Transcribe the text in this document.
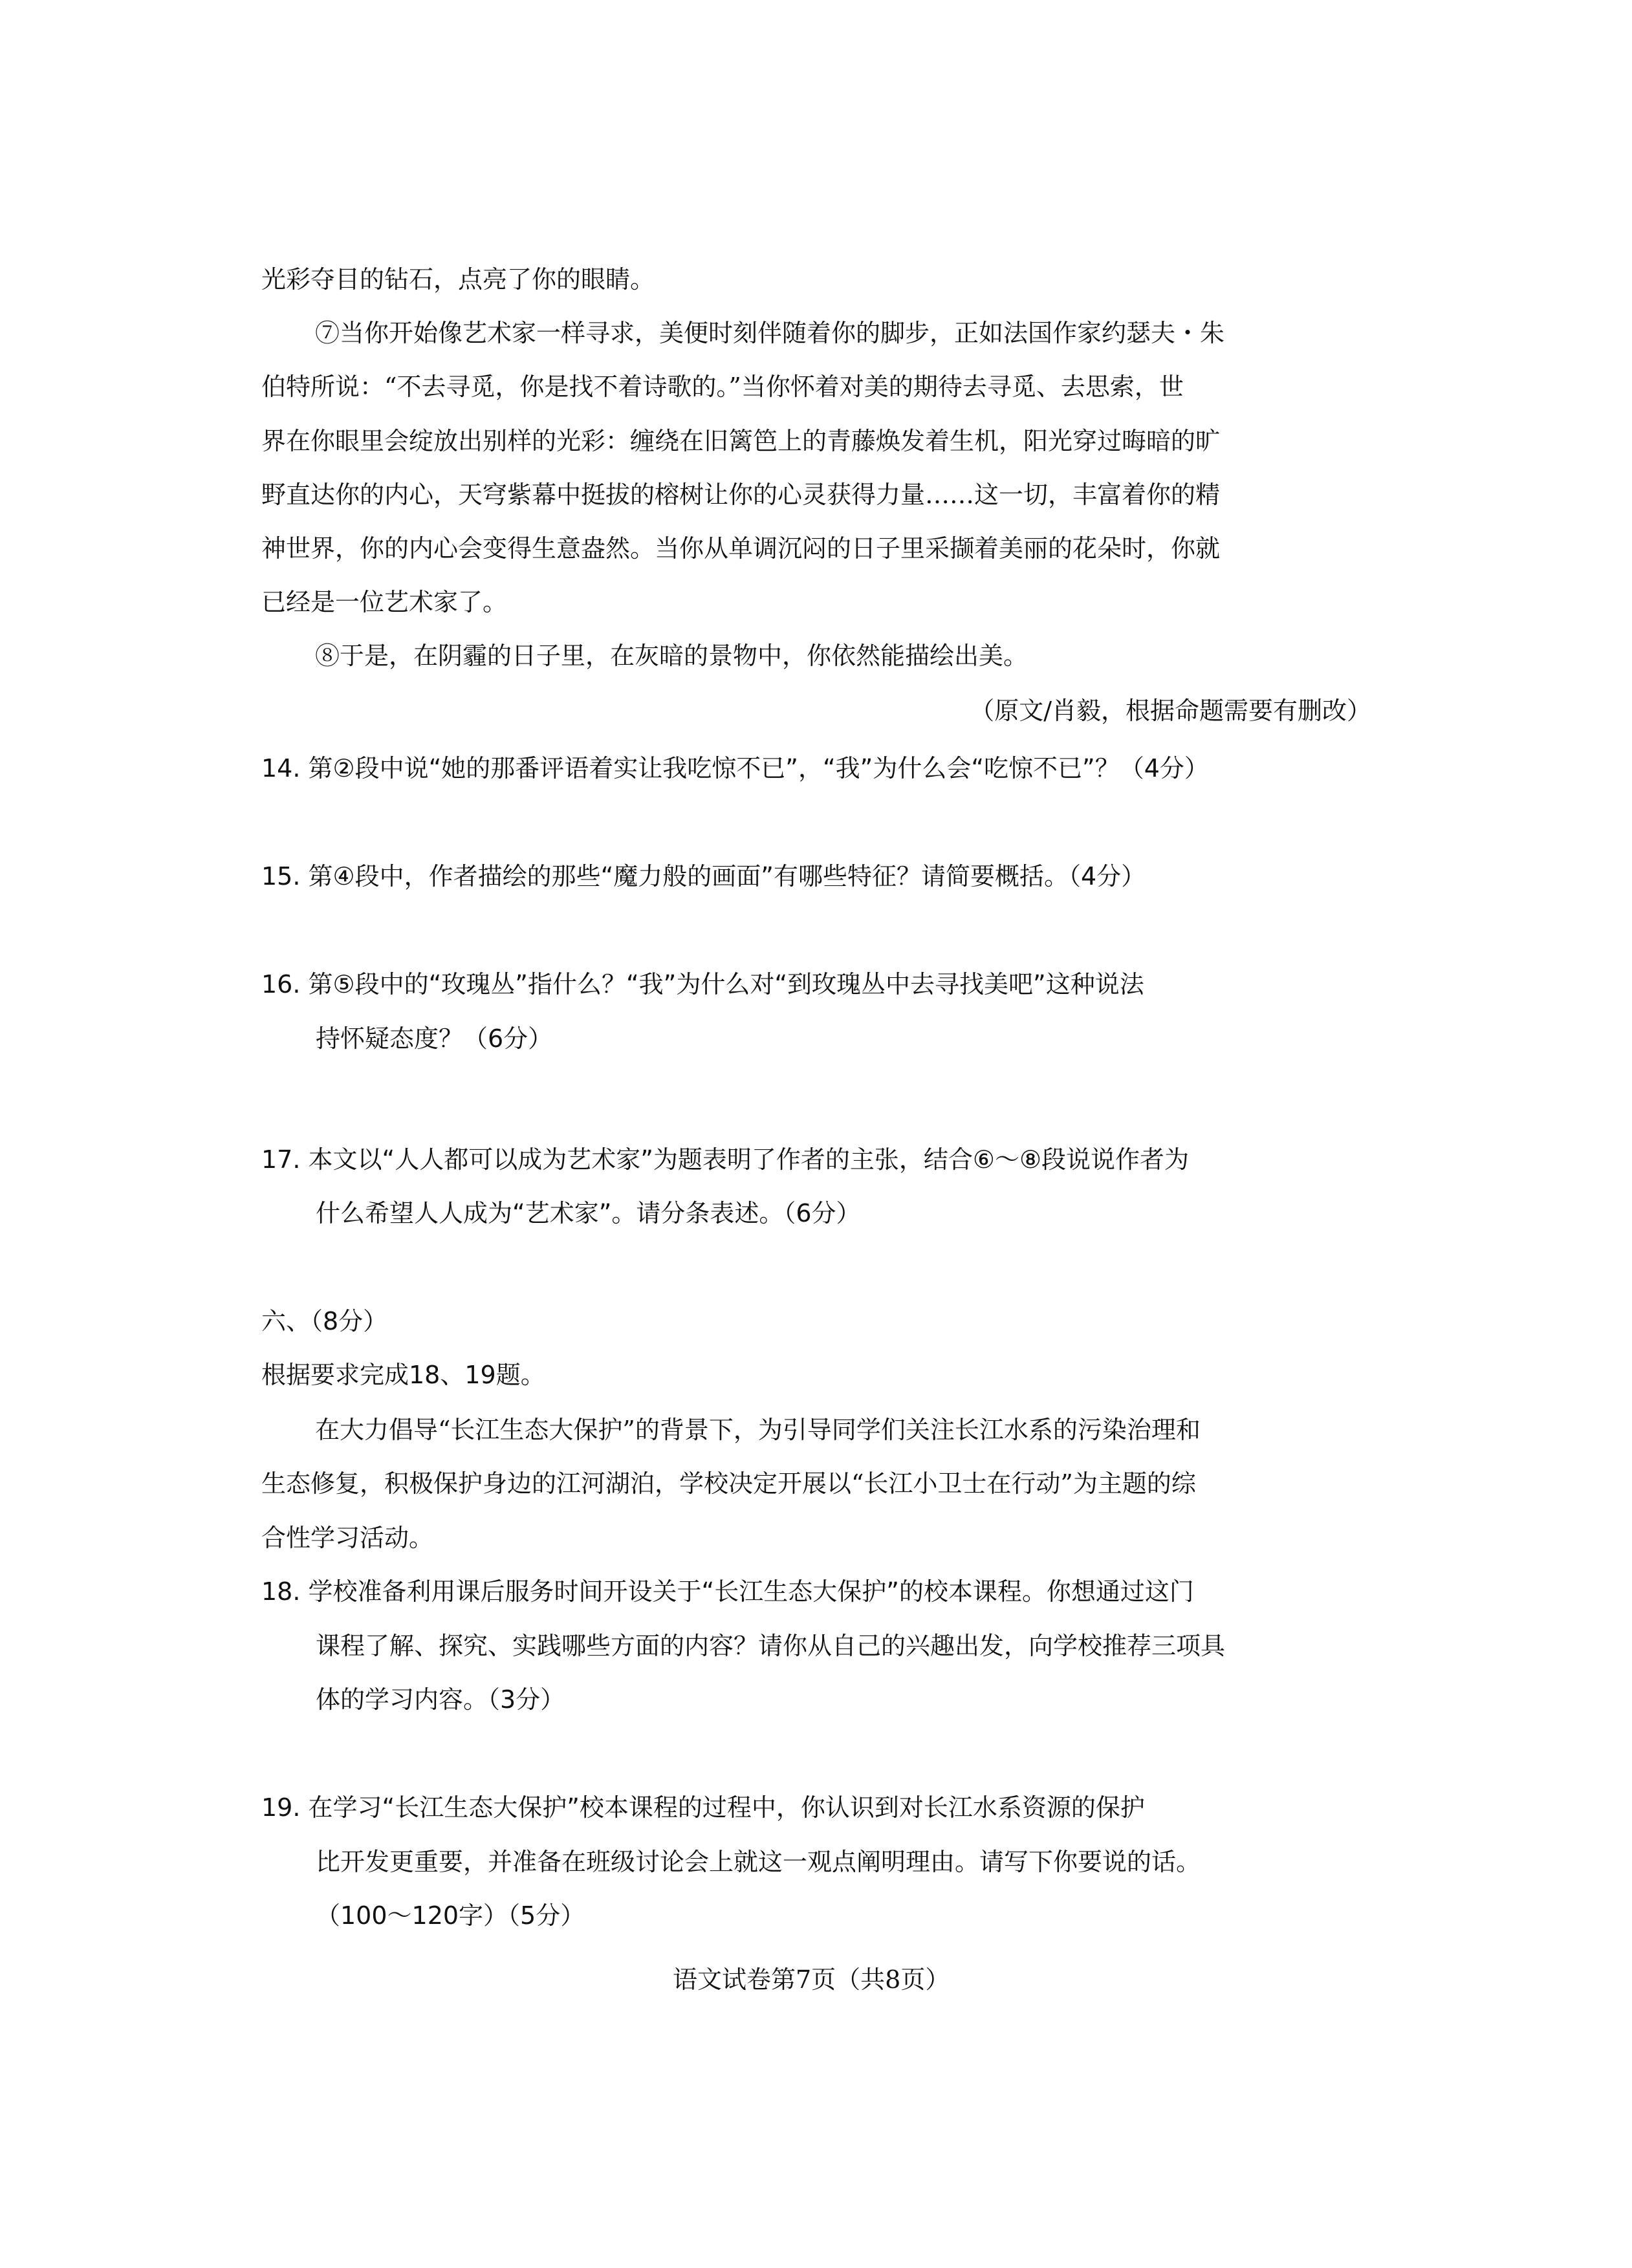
光彩夺目的钻石，点亮了你的眼睛。
⑦当你开始像艺术家一样寻求，美便时刻伴随着你的脚步，正如法国作家约瑟夫・朱
伯特所说：“不去寻觅，你是找不着诗歌的。”当你怀着对美的期待去寻觅、去思索，世
界在你眼里会绽放出别样的光彩：缠绕在旧篱笆上的青藤焕发着生机，阳光穿过晦暗的旷
野直达你的内心，天穹紫幕中挺拔的榕树让你的心灵获得力量……这一切，丰富着你的精
神世界，你的内心会变得生意盎然。当你从单调沉闷的日子里采撷着美丽的花朵时，你就
已经是一位艺术家了。
⑧于是，在阴霾的日子里，在灰暗的景物中，你依然能描绘出美。
（原文/肖毅，根据命题需要有删改）
14. 第②段中说“她的那番评语着实让我吃惊不已”，“我”为什么会“吃惊不已”？（4分）
15. 第④段中，作者描绘的那些“魔力般的画面”有哪些特征？请简要概括。（4分）
16. 第⑤段中的“玫瑰丛”指什么？“我”为什么对“到玫瑰丛中去寻找美吧”这种说法
持怀疑态度？（6分）
17. 本文以“人人都可以成为艺术家”为题表明了作者的主张，结合⑥～⑧段说说作者为
什么希望人人成为“艺术家”。请分条表述。（6分）
六、（8分）
根据要求完成18、19题。
在大力倡导“长江生态大保护”的背景下，为引导同学们关注长江水系的污染治理和
生态修复，积极保护身边的江河湖泊，学校决定开展以“长江小卫士在行动”为主题的综
合性学习活动。
18. 学校准备利用课后服务时间开设关于“长江生态大保护”的校本课程。你想通过这门
课程了解、探究、实践哪些方面的内容？请你从自己的兴趣出发，向学校推荐三项具
体的学习内容。（3分）
19. 在学习“长江生态大保护”校本课程的过程中，你认识到对长江水系资源的保护
比开发更重要，并准备在班级讨论会上就这一观点阐明理由。请写下你要说的话。
（100～120字）（5分）
语文试卷第7页（共8页）
